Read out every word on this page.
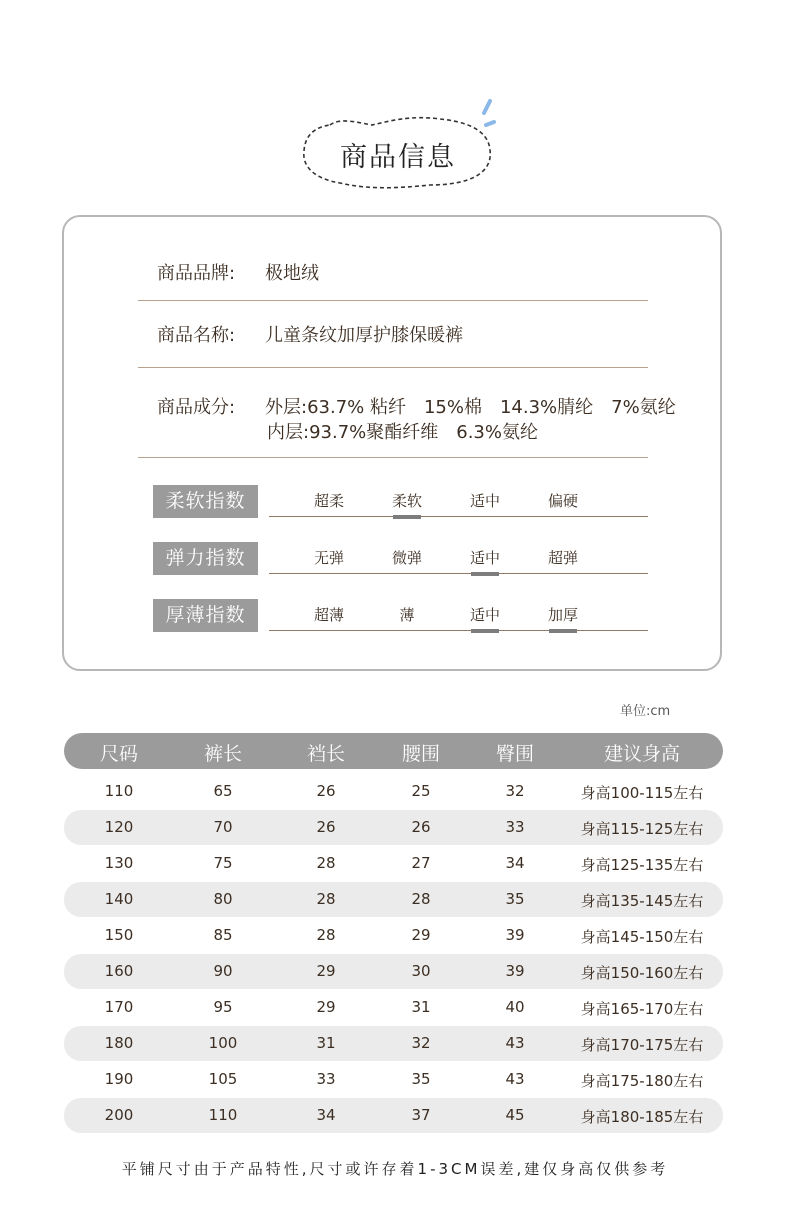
商品信息
商品品牌:	极地绒
商品名称:	儿童条纹加厚护膝保暖裤
商品成分:	外层:63.7% 粘纤　15%棉　14.3%腈纶　7%氨纶
内层:93.7%聚酯纤维　6.3%氨纶
柔软指数	超柔	柔软	适中	偏硬
弹力指数	无弹	微弹	适中	超弹
厚薄指数	超薄	薄	适中	加厚
单位:cm
尺码	裤长	裆长	腰围	臀围	建议身高
110	65	26	25	32	身高100-115左右
120	70	26	26	33	身高115-125左右
130	75	28	27	34	身高125-135左右
140	80	28	28	35	身高135-145左右
150	85	28	29	39	身高145-150左右
160	90	29	30	39	身高150-160左右
170	95	29	31	40	身高165-170左右
180	100	31	32	43	身高170-175左右
190	105	33	35	43	身高175-180左右
200	110	34	37	45	身高180-185左右
平铺尺寸由于产品特性,尺寸或许存着1-3CM误差,建仅身高仅供参考
